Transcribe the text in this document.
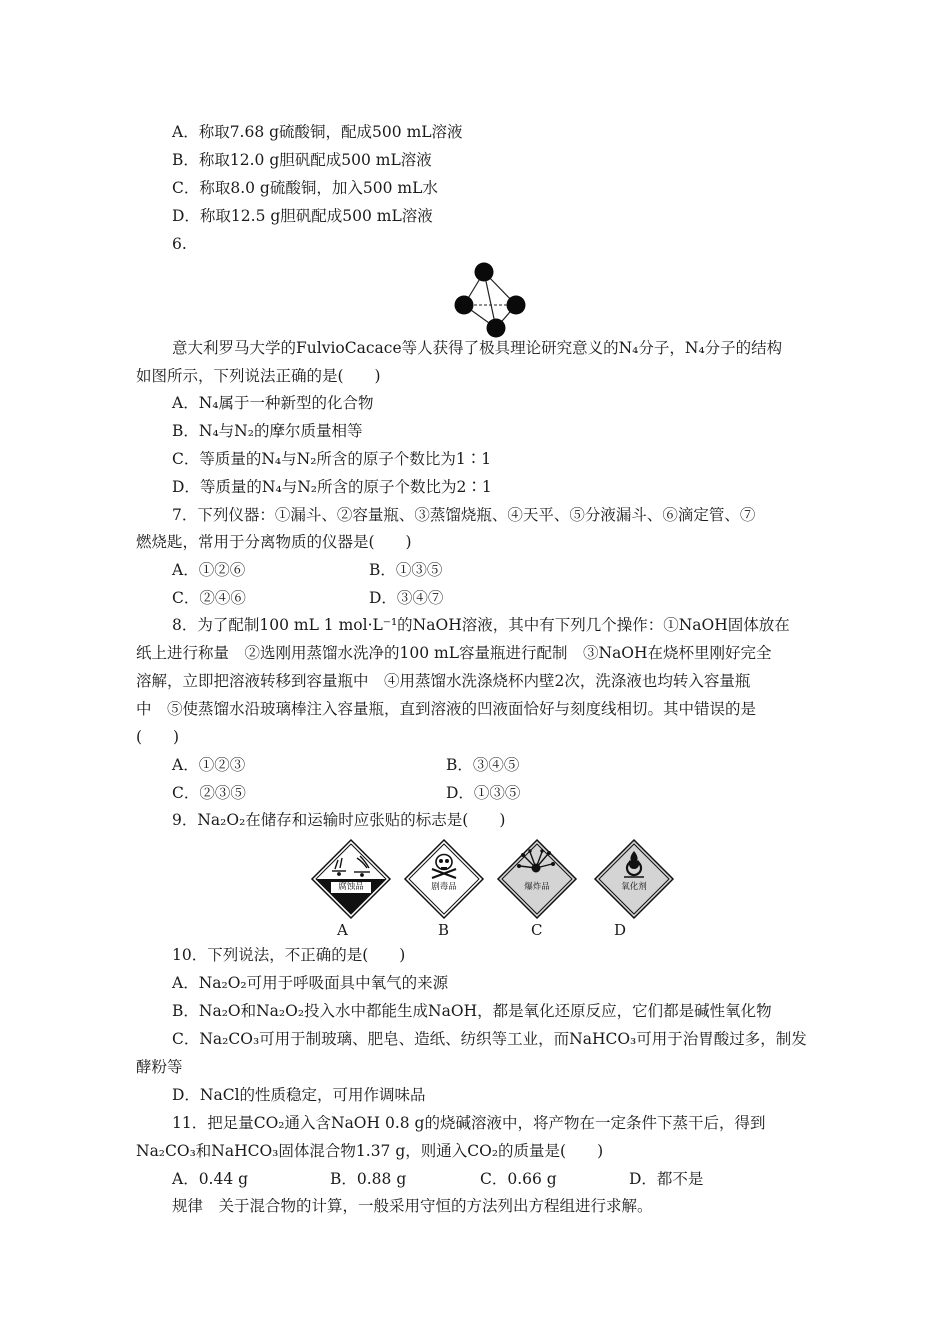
A．称取7.68 g硫酸铜，配成500 mL溶液
B．称取12.0 g胆矾配成500 mL溶液
C．称取8.0 g硫酸铜，加入500 mL水
D．称取12.5 g胆矾配成500 mL溶液
6.
意大利罗马大学的FulvioCacace等人获得了极具理论研究意义的N₄分子，N₄分子的结构
如图所示，下列说法正确的是(　　)
A．N₄属于一种新型的化合物
B．N₄与N₂的摩尔质量相等
C．等质量的N₄与N₂所含的原子个数比为1∶1
D．等质量的N₄与N₂所含的原子个数比为2∶1
7．下列仪器：①漏斗、②容量瓶、③蒸馏烧瓶、④天平、⑤分液漏斗、⑥滴定管、⑦
燃烧匙，常用于分离物质的仪器是(　　)
A．①②⑥	B．①③⑤
C．②④⑥	D．③④⑦
8．为了配制100 mL 1 mol·L⁻¹的NaOH溶液，其中有下列几个操作：①NaOH固体放在
纸上进行称量　②选刚用蒸馏水洗净的100 mL容量瓶进行配制　③NaOH在烧杯里刚好完全
溶解，立即把溶液转移到容量瓶中　④用蒸馏水洗涤烧杯内壁2次，洗涤液也均转入容量瓶
中　⑤使蒸馏水沿玻璃棒注入容量瓶，直到溶液的凹液面恰好与刻度线相切。其中错误的是
(　　)
A．①②③	B．③④⑤
C．②③⑤	D．①③⑤
9．Na₂O₂在储存和运输时应张贴的标志是(　　)
腐蚀品	剧毒品	爆炸品	氧化剂
A	B	C	D
10．下列说法，不正确的是(　　)
A．Na₂O₂可用于呼吸面具中氧气的来源
B．Na₂O和Na₂O₂投入水中都能生成NaOH，都是氧化还原反应，它们都是碱性氧化物
C．Na₂CO₃可用于制玻璃、肥皂、造纸、纺织等工业，而NaHCO₃可用于治胃酸过多，制发
酵粉等
D．NaCl的性质稳定，可用作调味品
11．把足量CO₂通入含NaOH 0.8 g的烧碱溶液中，将产物在一定条件下蒸干后，得到
Na₂CO₃和NaHCO₃固体混合物1.37 g，则通入CO₂的质量是(　　)
A．0.44 g	B．0.88 g	C．0.66 g	D．都不是
规律　关于混合物的计算，一般采用守恒的方法列出方程组进行求解。
